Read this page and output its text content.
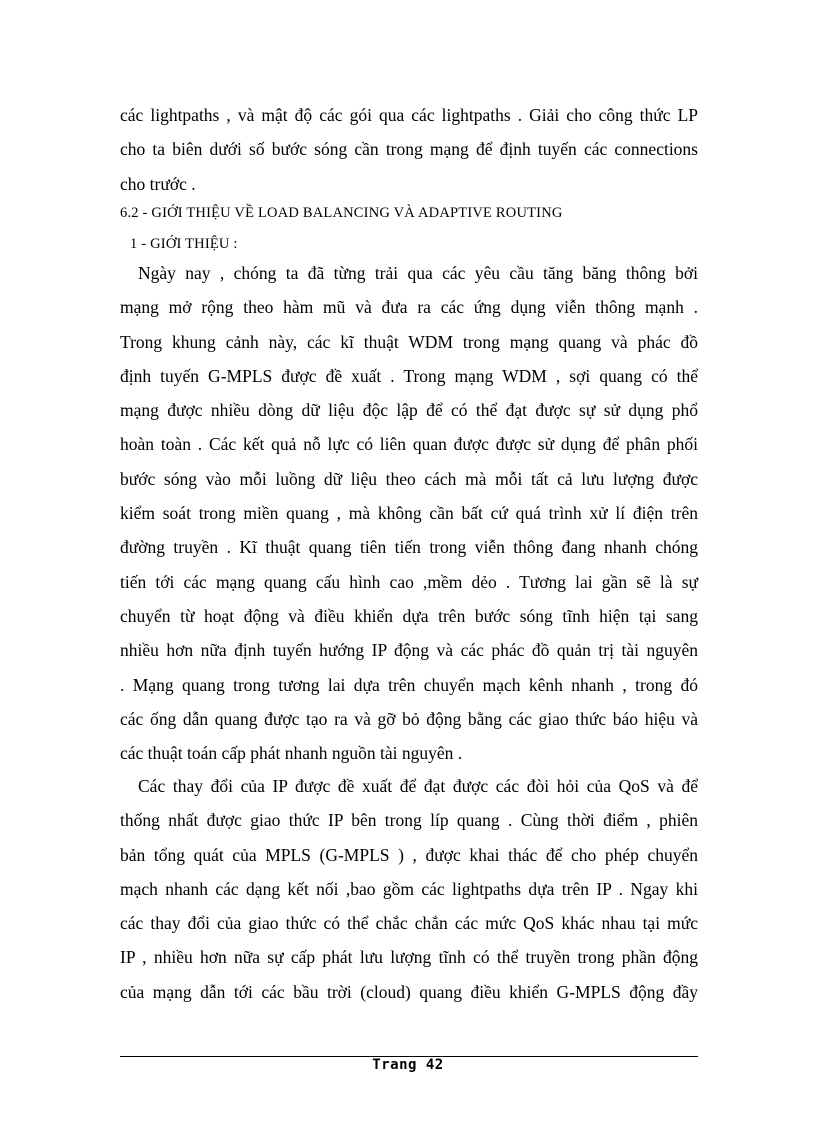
các lightpaths , và mật độ các gói qua các lightpaths . Giải cho công thức LP
cho ta biên dưới số bước sóng cần trong mạng để định tuyến các connections
cho trước .
6.2 - GIỚI THIỆU VỀ LOAD BALANCING VÀ ADAPTIVE ROUTING
1 - GIỚI THIỆU :
Ngày nay , chóng ta đã từng trải qua các yêu cầu tăng băng thông bởi
mạng mở rộng theo hàm mũ và đưa ra các ứng dụng viễn thông mạnh .
Trong khung cảnh này, các kĩ thuật WDM trong mạng quang và phác đồ
định tuyến G-MPLS được đề xuất . Trong mạng WDM , sợi quang có thể
mạng được nhiều dòng dữ liệu độc lập để có thể đạt được sự sử dụng phổ
hoàn toàn . Các kết quả nỗ lực có liên quan được được sử dụng để phân phối
bước sóng vào mỗi luồng dữ liệu theo cách mà mỗi tất cả lưu lượng được
kiểm soát trong miền quang , mà không cần bất cứ quá trình xử lí điện trên
đường truyền . Kĩ thuật quang tiên tiến trong viễn thông đang nhanh chóng
tiến tới các mạng quang cấu hình cao ,mềm dẻo . Tương lai gần sẽ là sự
chuyển từ hoạt động và điều khiển dựa trên bước sóng tĩnh hiện tại sang
nhiều hơn nữa định tuyến hướng IP động và các phác đồ quản trị tài nguyên
. Mạng quang trong tương lai dựa trên chuyển mạch kênh nhanh , trong đó
các ống dẫn quang được tạo ra và gỡ bỏ động bằng các giao thức báo hiệu và
các thuật toán cấp phát nhanh nguồn tài nguyên .
Các thay đổi của IP được đề xuất để đạt được các đòi hỏi của QoS và để
thống nhất được giao thức IP bên trong líp quang . Cùng thời điểm , phiên
bản tổng quát của MPLS (G-MPLS ) , được khai thác để cho phép chuyển
mạch nhanh các dạng kết nối ,bao gồm các lightpaths dựa trên IP . Ngay khi
các thay đổi của giao thức có thể chắc chắn các mức QoS khác nhau tại mức
IP , nhiều hơn nữa sự cấp phát lưu lượng tĩnh có thể truyền trong phần động
của mạng dẫn tới các bầu trời (cloud) quang điều khiển G-MPLS động đầy
Trang 42
